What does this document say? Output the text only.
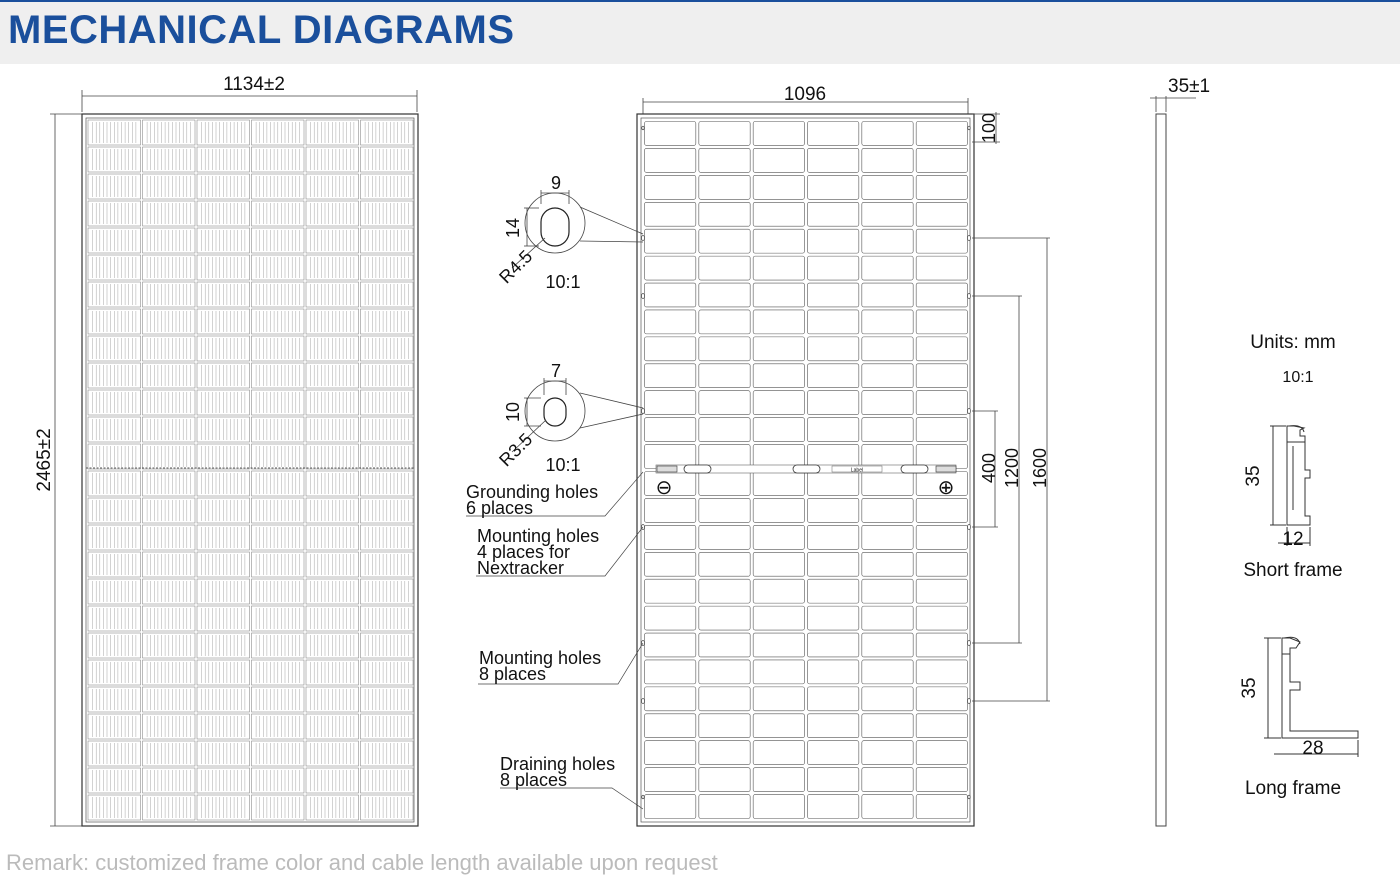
MECHANICAL DIAGRAMS
1134±2
2465±2
1096
100
400 1200 1600
Label
⊖	⊕
9
14
R4.5 10:1
7
10
R3.5 10:1
Grounding holes
6 places
Mounting holes
4 places for
Nextracker
Mounting holes
8 places
Draining holes
8 places
35±1
Units: mm
10:1
35
12
Short frame
35
28
Long frame
Remark: customized frame color and cable length available upon request
